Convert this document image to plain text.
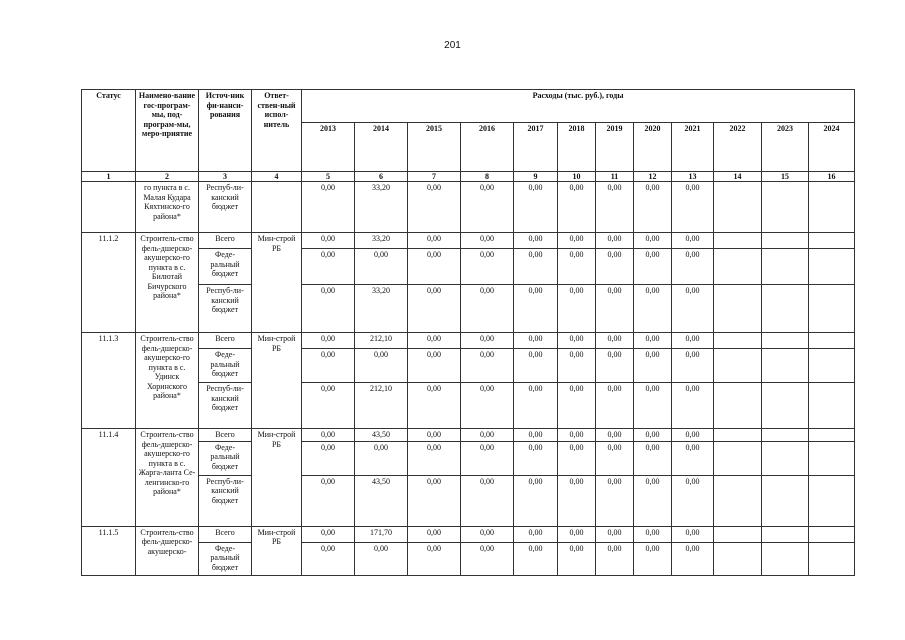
201
Статус	Наимено-вание гос-програм-мы, под-програм-мы, меро-приятие	Источ-ник фи-нанси-рования	Ответ-ствен-ный испол-нитель	Расходы (тыс. руб.), годы											
				2013	2014	2015	2016	2017	2018	2019	2020	2021	2022	2023	2024
1	2	3	4	5	6	7	8	9	10	11	12	13	14	15	16
	го пункта в с. Малая Кудара Кяхтинско-го района*	Респуб-ли-канский бюджет		0,00	33,20	0,00	0,00	0,00	0,00	0,00	0,00	0,00			
11.1.2	Строитель-ство фель-дшерско-акушерско-го пункта в с. Билютай Бичурского района*	Всего	Мин-строй РБ	0,00	33,20	0,00	0,00	0,00	0,00	0,00	0,00	0,00			
		Феде-ральный бюджет		0,00	0,00	0,00	0,00	0,00	0,00	0,00	0,00	0,00			
		Респуб-ли-канский бюджет		0,00	33,20	0,00	0,00	0,00	0,00	0,00	0,00	0,00			
11.1.3	Строитель-ство фель-дшерско-акушерско-го пункта в с. Удинск Хоринского района*	Всего	Мин-строй РБ	0,00	212,10	0,00	0,00	0,00	0,00	0,00	0,00	0,00			
		Феде-ральный бюджет		0,00	0,00	0,00	0,00	0,00	0,00	0,00	0,00	0,00			
		Респуб-ли-канский бюджет		0,00	212,10	0,00	0,00	0,00	0,00	0,00	0,00	0,00			
11.1.4	Строитель-ство фель-дшерско-акушерско-го пункта в с. Жарга-ланта Се-ленгинско-го района*	Всего	Мин-строй РБ	0,00	43,50	0,00	0,00	0,00	0,00	0,00	0,00	0,00			
		Феде-ральный бюджет		0,00	0,00	0,00	0,00	0,00	0,00	0,00	0,00	0,00			
		Респуб-ли-канский бюджет		0,00	43,50	0,00	0,00	0,00	0,00	0,00	0,00	0,00			
11.1.5	Строитель-ство фель-дшерско-акушерско-	Всего	Мин-строй РБ	0,00	171,70	0,00	0,00	0,00	0,00	0,00	0,00	0,00			
		Феде-ральный бюджет		0,00	0,00	0,00	0,00	0,00	0,00	0,00	0,00	0,00			
